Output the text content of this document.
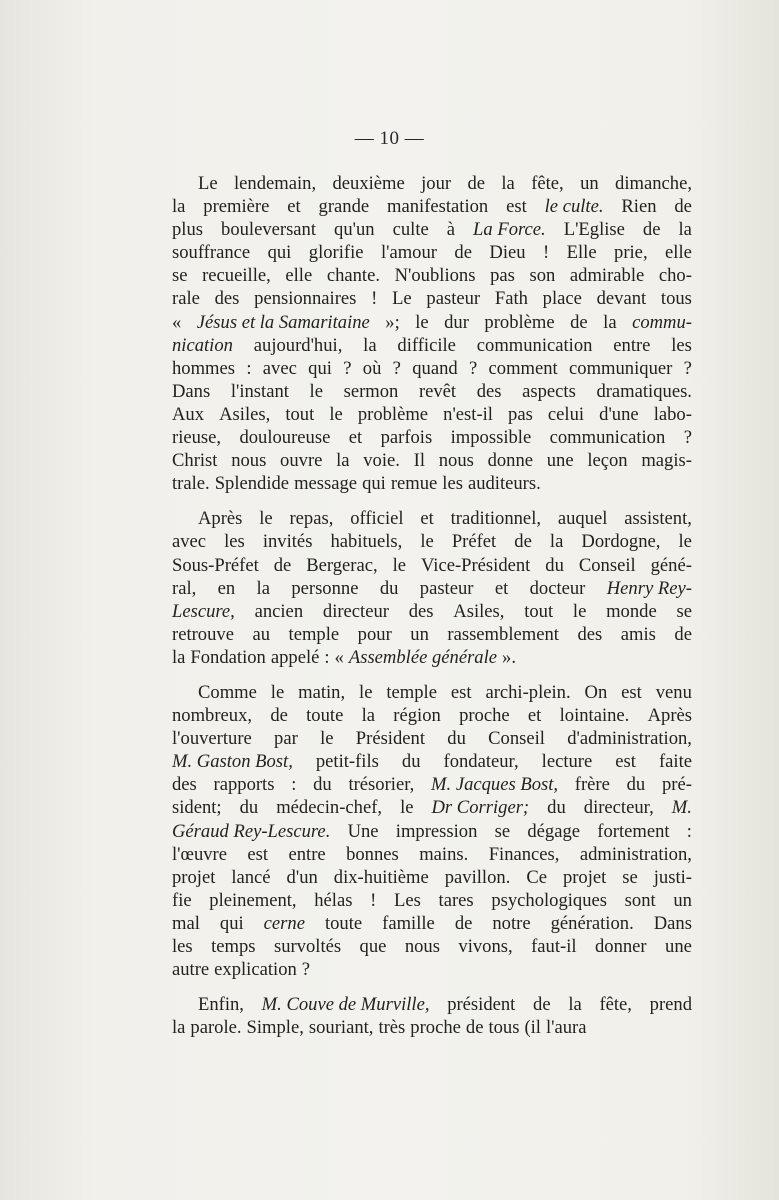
— 10 —
Le lendemain, deuxième jour de la fête, un dimanche,
la première et grande manifestation est le culte. Rien de
plus bouleversant qu'un culte à La Force. L'Eglise de la
souffrance qui glorifie l'amour de Dieu ! Elle prie, elle
se recueille, elle chante. N'oublions pas son admirable cho-
rale des pensionnaires ! Le pasteur Fath place devant tous
« Jésus et la Samaritaine »; le dur problème de la commu-
nication aujourd'hui, la difficile communication entre les
hommes : avec qui ? où ? quand ? comment communiquer ?
Dans l'instant le sermon revêt des aspects dramatiques.
Aux Asiles, tout le problème n'est-il pas celui d'une labo-
rieuse, douloureuse et parfois impossible communication ?
Christ nous ouvre la voie. Il nous donne une leçon magis-
trale. Splendide message qui remue les auditeurs.
Après le repas, officiel et traditionnel, auquel assistent,
avec les invités habituels, le Préfet de la Dordogne, le
Sous-Préfet de Bergerac, le Vice-Président du Conseil géné-
ral, en la personne du pasteur et docteur Henry Rey-
Lescure, ancien directeur des Asiles, tout le monde se
retrouve au temple pour un rassemblement des amis de
la Fondation appelé : « Assemblée générale ».
Comme le matin, le temple est archi-plein. On est venu
nombreux, de toute la région proche et lointaine. Après
l'ouverture par le Président du Conseil d'administration,
M. Gaston Bost, petit-fils du fondateur, lecture est faite
des rapports : du trésorier, M. Jacques Bost, frère du pré-
sident; du médecin-chef, le Dr Corriger; du directeur, M.
Géraud Rey-Lescure. Une impression se dégage fortement :
l'œuvre est entre bonnes mains. Finances, administration,
projet lancé d'un dix-huitième pavillon. Ce projet se justi-
fie pleinement, hélas ! Les tares psychologiques sont un
mal qui cerne toute famille de notre génération. Dans
les temps survoltés que nous vivons, faut-il donner une
autre explication ?
Enfin, M. Couve de Murville, président de la fête, prend
la parole. Simple, souriant, très proche de tous (il l'aura
